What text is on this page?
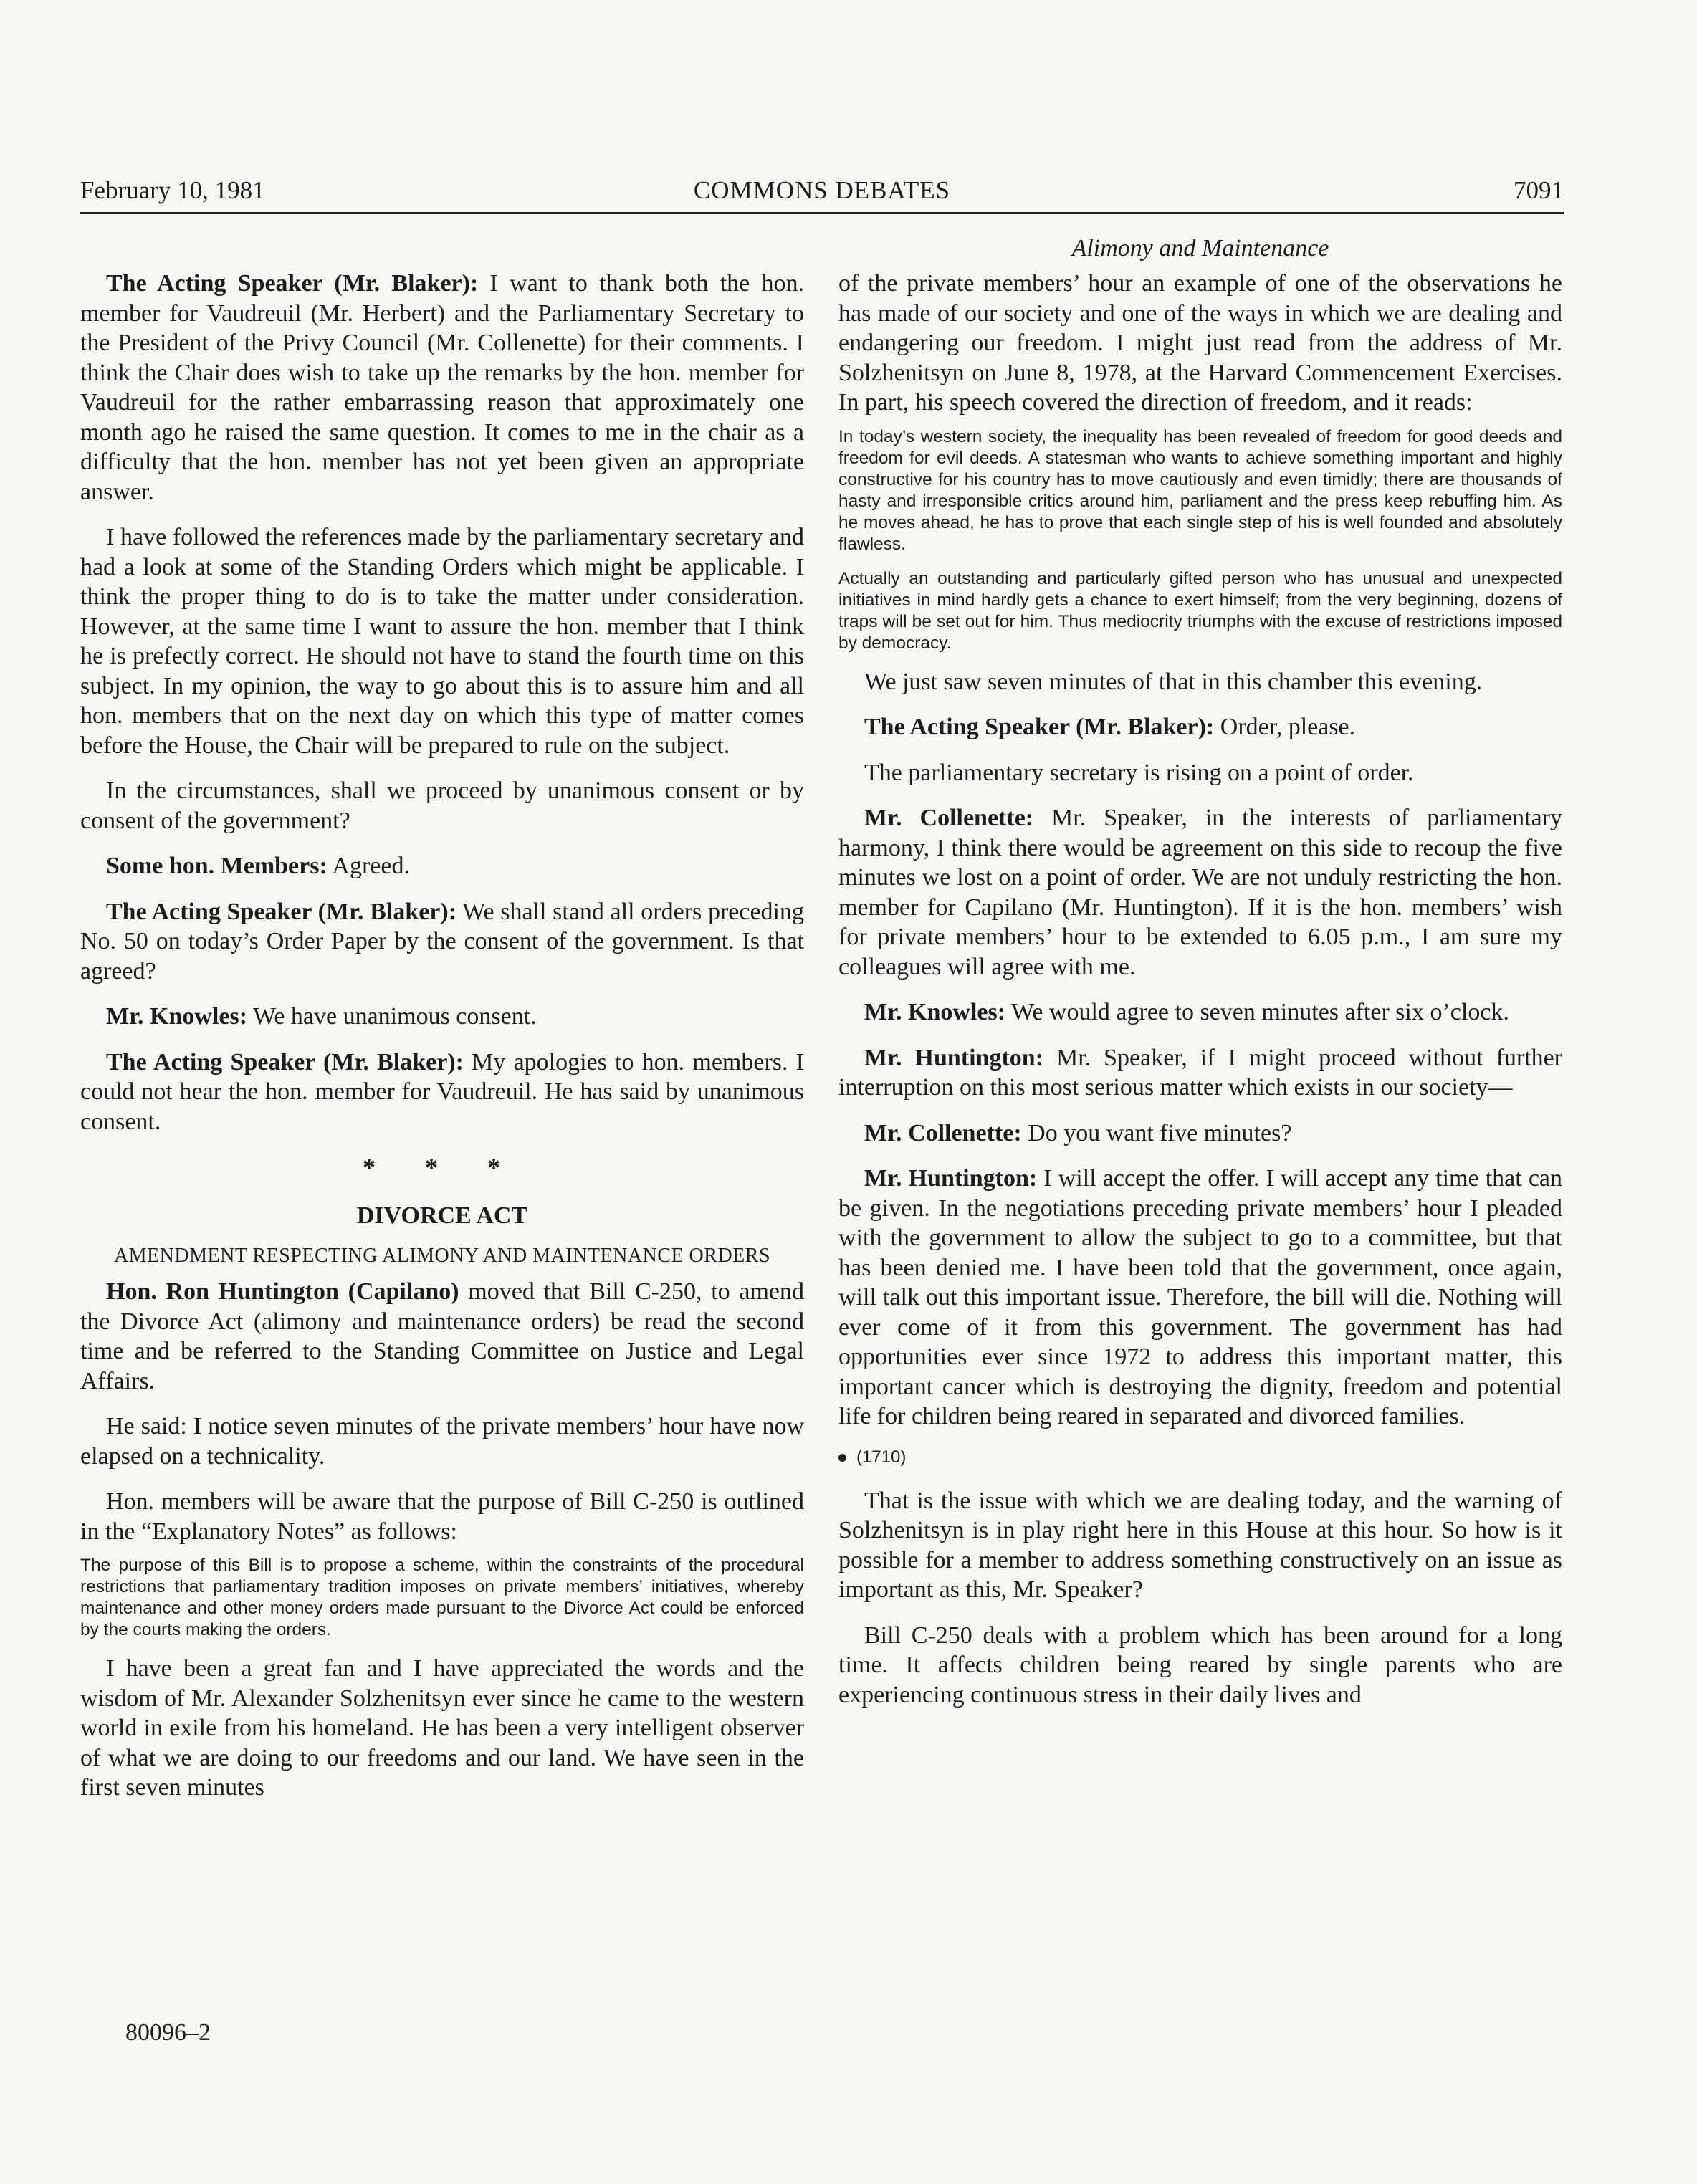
February 10, 1981	COMMONS DEBATES	7091
Alimony and Maintenance

The Acting Speaker (Mr. Blaker): I want to thank both the hon. member for Vaudreuil (Mr. Herbert) and the Parliamentary Secretary to the President of the Privy Council (Mr. Collenette) for their comments. I think the Chair does wish to take up the remarks by the hon. member for Vaudreuil for the rather embarrassing reason that approximately one month ago he raised the same question. It comes to me in the chair as a difficulty that the hon. member has not yet been given an appropriate answer.

I have followed the references made by the parliamentary secretary and had a look at some of the Standing Orders which might be applicable. I think the proper thing to do is to take the matter under consideration. However, at the same time I want to assure the hon. member that I think he is prefectly correct. He should not have to stand the fourth time on this subject. In my opinion, the way to go about this is to assure him and all hon. members that on the next day on which this type of matter comes before the House, the Chair will be prepared to rule on the subject.

In the circumstances, shall we proceed by unanimous consent or by consent of the government?

Some hon. Members: Agreed.

The Acting Speaker (Mr. Blaker): We shall stand all orders preceding No. 50 on today’s Order Paper by the consent of the government. Is that agreed?

Mr. Knowles: We have unanimous consent.

The Acting Speaker (Mr. Blaker): My apologies to hon. members. I could not hear the hon. member for Vaudreuil. He has said by unanimous consent.

* * *
DIVORCE ACT
AMENDMENT RESPECTING ALIMONY AND MAINTENANCE ORDERS

Hon. Ron Huntington (Capilano) moved that Bill C-250, to amend the Divorce Act (alimony and maintenance orders) be read the second time and be referred to the Standing Committee on Justice and Legal Affairs.

He said: I notice seven minutes of the private members’ hour have now elapsed on a technicality.

Hon. members will be aware that the purpose of Bill C-250 is outlined in the “Explanatory Notes” as follows:

The purpose of this Bill is to propose a scheme, within the constraints of the procedural restrictions that parliamentary tradition imposes on private members’ initiatives, whereby maintenance and other money orders made pursuant to the Divorce Act could be enforced by the courts making the orders.

I have been a great fan and I have appreciated the words and the wisdom of Mr. Alexander Solzhenitsyn ever since he came to the western world in exile from his homeland. He has been a very intelligent observer of what we are doing to our freedoms and our land. We have seen in the first seven minutes

of the private members’ hour an example of one of the observations he has made of our society and one of the ways in which we are dealing and endangering our freedom. I might just read from the address of Mr. Solzhenitsyn on June 8, 1978, at the Harvard Commencement Exercises. In part, his speech covered the direction of freedom, and it reads:

In today’s western society, the inequality has been revealed of freedom for good deeds and freedom for evil deeds. A statesman who wants to achieve something important and highly constructive for his country has to move cautiously and even timidly; there are thousands of hasty and irresponsible critics around him, parliament and the press keep rebuffing him. As he moves ahead, he has to prove that each single step of his is well founded and absolutely flawless.
Actually an outstanding and particularly gifted person who has unusual and unexpected initiatives in mind hardly gets a chance to exert himself; from the very beginning, dozens of traps will be set out for him. Thus mediocrity triumphs with the excuse of restrictions imposed by democracy.

We just saw seven minutes of that in this chamber this evening.

The Acting Speaker (Mr. Blaker): Order, please.

The parliamentary secretary is rising on a point of order.

Mr. Collenette: Mr. Speaker, in the interests of parliamentary harmony, I think there would be agreement on this side to recoup the five minutes we lost on a point of order. We are not unduly restricting the hon. member for Capilano (Mr. Huntington). If it is the hon. members’ wish for private members’ hour to be extended to 6.05 p.m., I am sure my colleagues will agree with me.

Mr. Knowles: We would agree to seven minutes after six o’clock.

Mr. Huntington: Mr. Speaker, if I might proceed without further interruption on this most serious matter which exists in our society—

Mr. Collenette: Do you want five minutes?

Mr. Huntington: I will accept the offer. I will accept any time that can be given. In the negotiations preceding private members’ hour I pleaded with the government to allow the subject to go to a committee, but that has been denied me. I have been told that the government, once again, will talk out this important issue. Therefore, the bill will die. Nothing will ever come of it from this government. The government has had opportunities ever since 1972 to address this important matter, this important cancer which is destroying the dignity, freedom and potential life for children being reared in separated and divorced families.

(1710)

That is the issue with which we are dealing today, and the warning of Solzhenitsyn is in play right here in this House at this hour. So how is it possible for a member to address something constructively on an issue as important as this, Mr. Speaker?

Bill C-250 deals with a problem which has been around for a long time. It affects children being reared by single parents who are experiencing continuous stress in their daily lives and

80096–2
